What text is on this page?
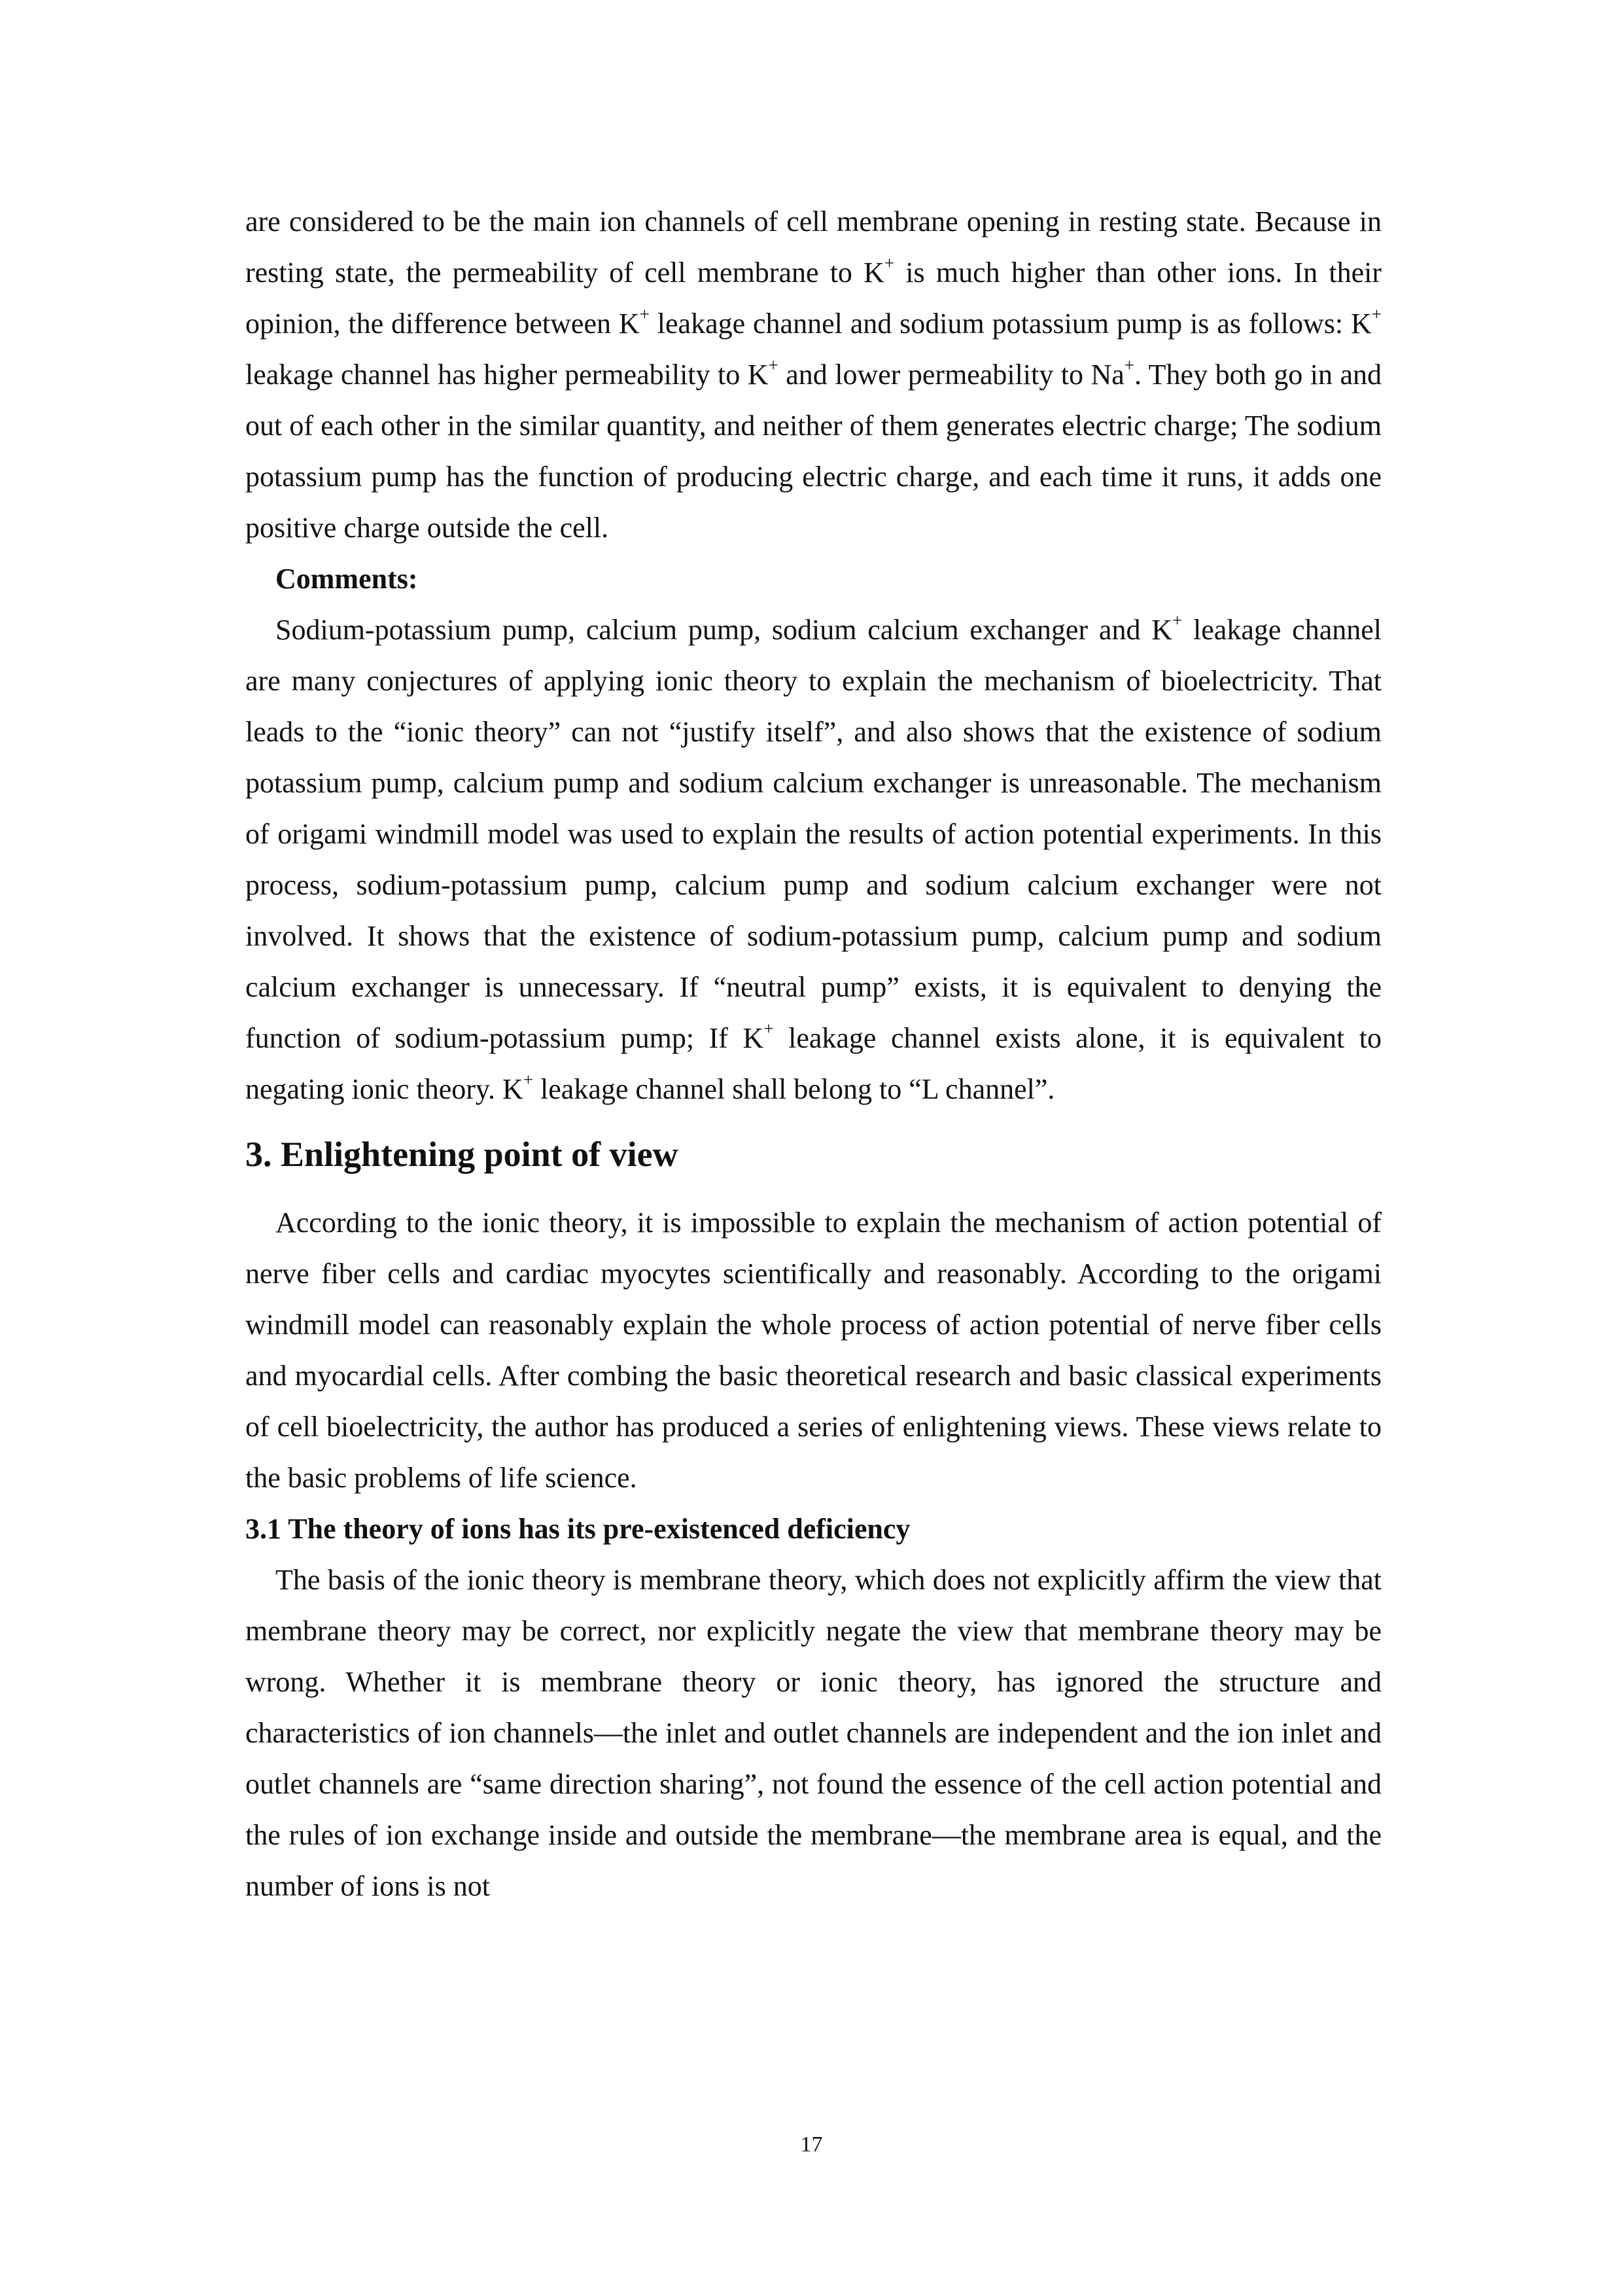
are considered to be the main ion channels of cell membrane opening in resting state. Because in resting state, the permeability of cell membrane to K+ is much higher than other ions. In their opinion, the difference between K+ leakage channel and sodium potassium pump is as follows: K+ leakage channel has higher permeability to K+ and lower permeability to Na+. They both go in and out of each other in the similar quantity, and neither of them generates electric charge; The sodium potassium pump has the function of producing electric charge, and each time it runs, it adds one positive charge outside the cell.

Comments:

Sodium-potassium pump, calcium pump, sodium calcium exchanger and K+ leakage channel are many conjectures of applying ionic theory to explain the mechanism of bioelectricity. That leads to the “ionic theory” can not “justify itself”, and also shows that the existence of sodium potassium pump, calcium pump and sodium calcium exchanger is unreasonable. The mechanism of origami windmill model was used to explain the results of action potential experiments. In this process, sodium-potassium pump, calcium pump and sodium calcium exchanger were not involved. It shows that the existence of sodium-potassium pump, calcium pump and sodium calcium exchanger is unnecessary. If “neutral pump” exists, it is equivalent to denying the function of sodium-potassium pump; If K+ leakage channel exists alone, it is equivalent to negating ionic theory. K+ leakage channel shall belong to “L channel”.

3. Enlightening point of view

According to the ionic theory, it is impossible to explain the mechanism of action potential of nerve fiber cells and cardiac myocytes scientifically and reasonably. According to the origami windmill model can reasonably explain the whole process of action potential of nerve fiber cells and myocardial cells. After combing the basic theoretical research and basic classical experiments of cell bioelectricity, the author has produced a series of enlightening views. These views relate to the basic problems of life science.

3.1 The theory of ions has its pre-existenced deficiency

The basis of the ionic theory is membrane theory, which does not explicitly affirm the view that membrane theory may be correct, nor explicitly negate the view that membrane theory may be wrong. Whether it is membrane theory or ionic theory, has ignored the structure and characteristics of ion channels—the inlet and outlet channels are independent and the ion inlet and outlet channels are “same direction sharing”, not found the essence of the cell action potential and the rules of ion exchange inside and outside the membrane—the membrane area is equal, and the number of ions is not

17
